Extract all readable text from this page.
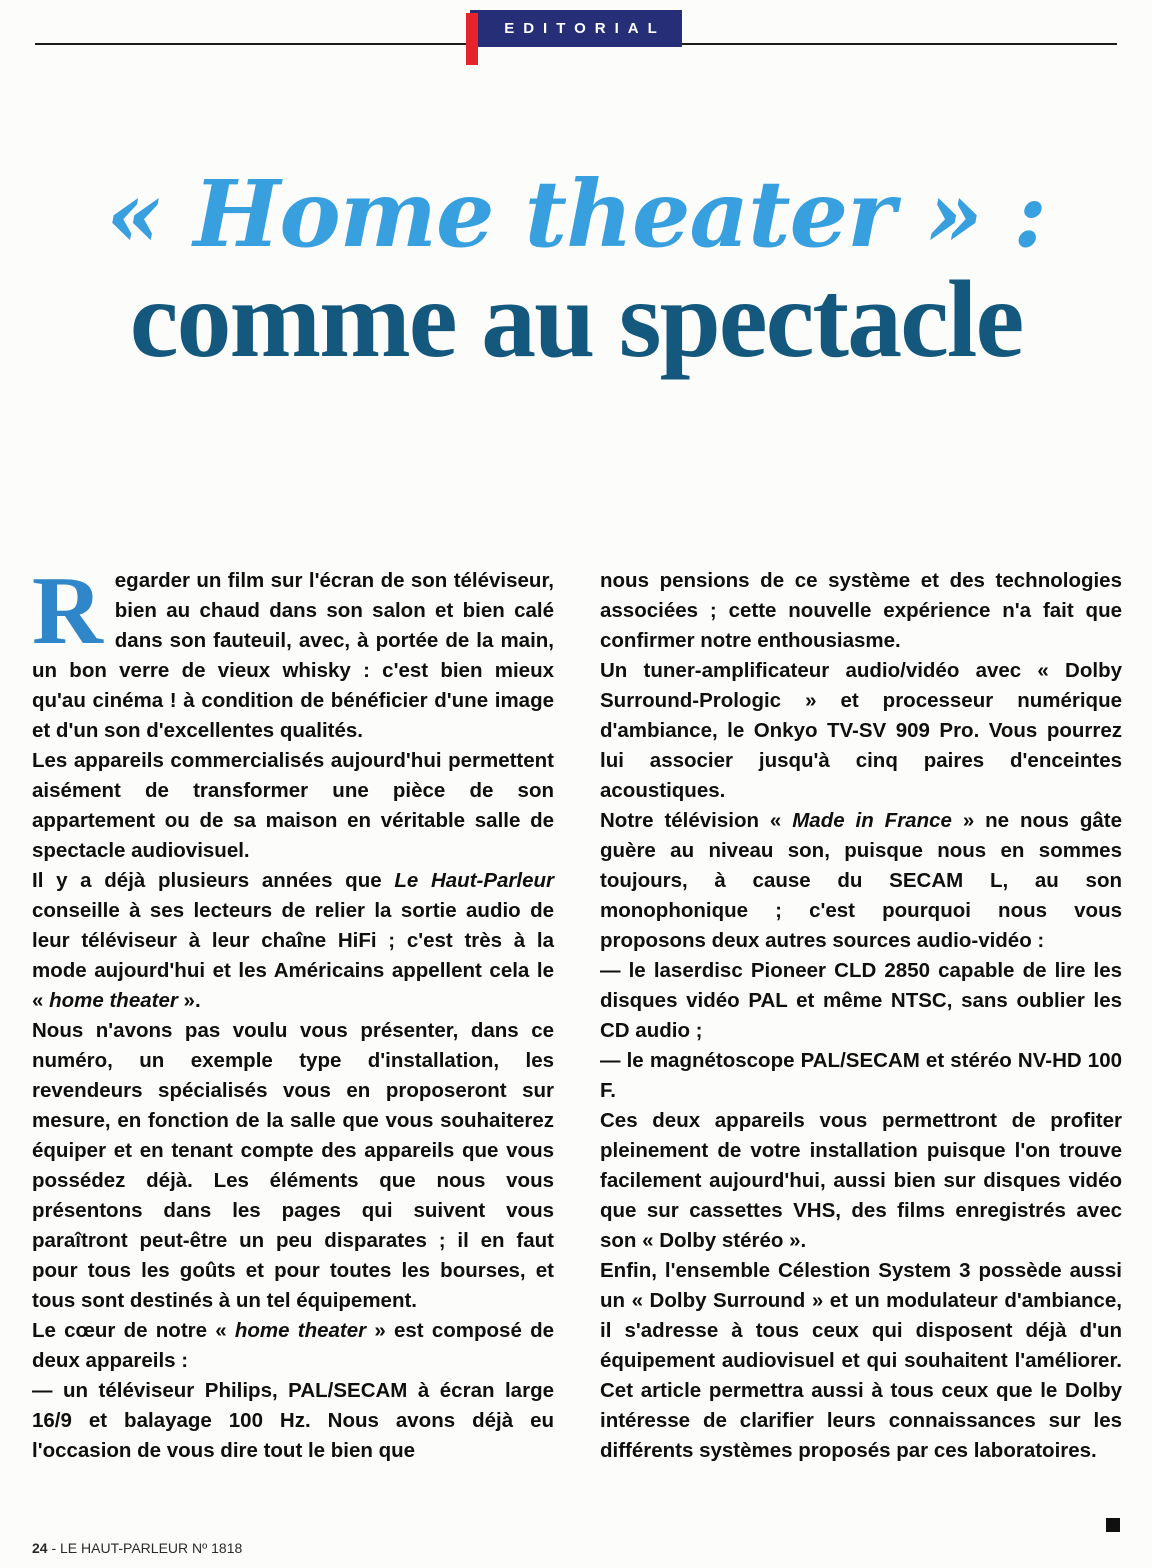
EDITORIAL
« Home theater » :
comme au spectacle

Regarder un film sur l'écran de son téléviseur, bien au chaud dans son salon et bien calé dans son fauteuil, avec, à portée de la main, un bon verre de vieux whisky : c'est bien mieux qu'au cinéma ! à condition de bénéficier d'une image et d'un son d'excellentes qualités.

Les appareils commercialisés aujourd'hui permettent aisément de transformer une pièce de son appartement ou de sa maison en véritable salle de spectacle audiovisuel.

Il y a déjà plusieurs années que Le Haut-Parleur conseille à ses lecteurs de relier la sortie audio de leur téléviseur à leur chaîne HiFi ; c'est très à la mode aujourd'hui et les Américains appellent cela le « home theater ».

Nous n'avons pas voulu vous présenter, dans ce numéro, un exemple type d'installation, les revendeurs spécialisés vous en proposeront sur mesure, en fonction de la salle que vous souhaiterez équiper et en tenant compte des appareils que vous possédez déjà. Les éléments que nous vous présentons dans les pages qui suivent vous paraîtront peut-être un peu disparates ; il en faut pour tous les goûts et pour toutes les bourses, et tous sont destinés à un tel équipement.

Le cœur de notre « home theater » est composé de deux appareils :

— un téléviseur Philips, PAL/SECAM à écran large 16/9 et balayage 100 Hz. Nous avons déjà eu l'occasion de vous dire tout le bien que

nous pensions de ce système et des technologies associées ; cette nouvelle expérience n'a fait que confirmer notre enthousiasme.

Un tuner-amplificateur audio/vidéo avec « Dolby Surround-Prologic » et processeur numérique d'ambiance, le Onkyo TV-SV 909 Pro. Vous pourrez lui associer jusqu'à cinq paires d'enceintes acoustiques.

Notre télévision « Made in France » ne nous gâte guère au niveau son, puisque nous en sommes toujours, à cause du SECAM L, au son monophonique ; c'est pourquoi nous vous proposons deux autres sources audio-vidéo :

— le laserdisc Pioneer CLD 2850 capable de lire les disques vidéo PAL et même NTSC, sans oublier les CD audio ;

— le magnétoscope PAL/SECAM et stéréo NV-HD 100 F.

Ces deux appareils vous permettront de profiter pleinement de votre installation puisque l'on trouve facilement aujourd'hui, aussi bien sur disques vidéo que sur cassettes VHS, des films enregistrés avec son « Dolby stéréo ».

Enfin, l'ensemble Célestion System 3 possède aussi un « Dolby Surround » et un modulateur d'ambiance, il s'adresse à tous ceux qui disposent déjà d'un équipement audiovisuel et qui souhaitent l'améliorer. Cet article permettra aussi à tous ceux que le Dolby intéresse de clarifier leurs connaissances sur les différents systèmes proposés par ces laboratoires.

24 - LE HAUT-PARLEUR Nº 1818
